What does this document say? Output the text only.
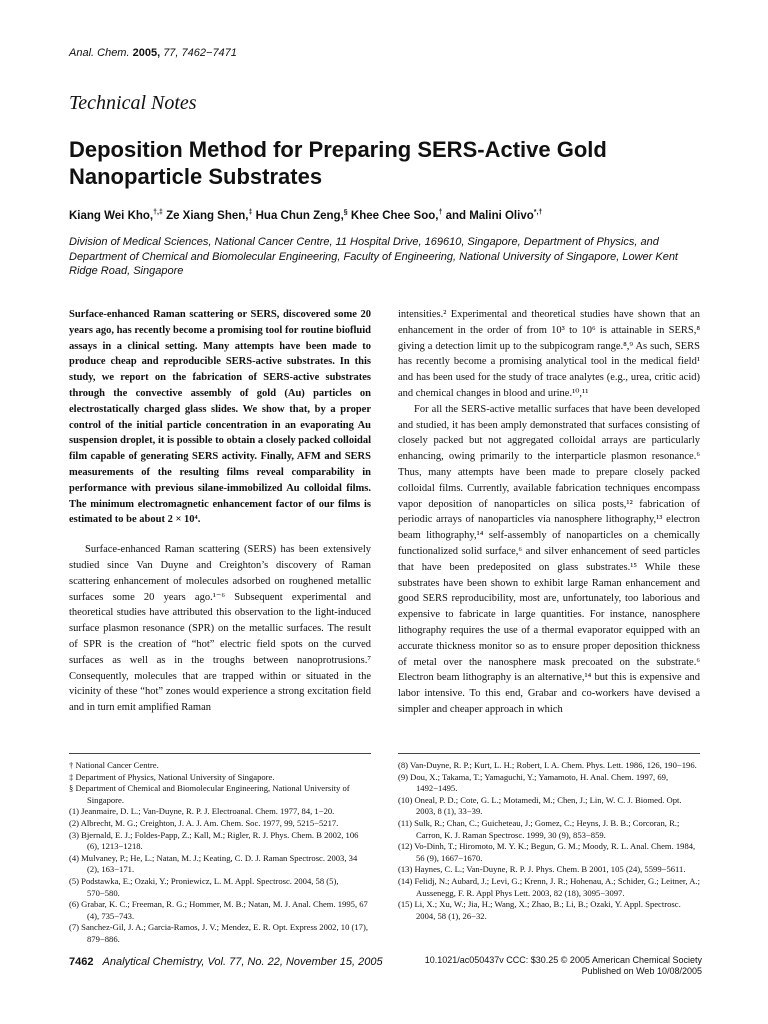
Anal. Chem. 2005, 77, 7462−7471
Technical Notes
Deposition Method for Preparing SERS-Active Gold Nanoparticle Substrates
Kiang Wei Kho,†,‡ Ze Xiang Shen,‡ Hua Chun Zeng,§ Khee Chee Soo,† and Malini Olivo*,†
Division of Medical Sciences, National Cancer Centre, 11 Hospital Drive, 169610, Singapore, Department of Physics, and Department of Chemical and Biomolecular Engineering, Faculty of Engineering, National University of Singapore, Lower Kent Ridge Road, Singapore

Surface-enhanced Raman scattering or SERS, discovered some 20 years ago, has recently become a promising tool for routine biofluid assays in a clinical setting. Many attempts have been made to produce cheap and reproducible SERS-active substrates. In this study, we report on the fabrication of SERS-active substrates through the convective assembly of gold (Au) particles on electrostatically charged glass slides. We show that, by a proper control of the initial particle concentration in an evaporating Au suspension droplet, it is possible to obtain a closely packed colloidal film capable of generating SERS activity. Finally, AFM and SERS measurements of the resulting films reveal comparability in performance with previous silane-immobilized Au colloidal films. The minimum electromagnetic enhancement factor of our films is estimated to be about 2 × 10⁴.

Surface-enhanced Raman scattering (SERS) has been extensively studied since Van Duyne and Creighton’s discovery of Raman scattering enhancement of molecules adsorbed on roughened metallic surfaces some 20 years ago.¹⁻⁶ Subsequent experimental and theoretical studies have attributed this observation to the light-induced surface plasmon resonance (SPR) on the metallic surfaces. The result of SPR is the creation of “hot” electric field spots on the curved surfaces as well as in the troughs between nanoprotrusions.⁷ Consequently, molecules that are trapped within or situated in the vicinity of these “hot” zones would experience a strong excitation field and in turn emit amplified Raman

intensities.² Experimental and theoretical studies have shown that an enhancement in the order of from 10³ to 10⁶ is attainable in SERS,⁸ giving a detection limit up to the subpicogram range.⁸,⁹ As such, SERS has recently become a promising analytical tool in the medical field¹ and has been used for the study of trace analytes (e.g., urea, critic acid) and chemical changes in blood and urine.¹⁰,¹¹

For all the SERS-active metallic surfaces that have been developed and studied, it has been amply demonstrated that surfaces consisting of closely packed but not aggregated colloidal arrays are particularly enhancing, owing primarily to the interparticle plasmon resonance.⁶ Thus, many attempts have been made to prepare closely packed colloidal films. Currently, available fabrication techniques encompass vapor deposition of nanoparticles on silica posts,¹² fabrication of periodic arrays of nanoparticles via nanosphere lithography,¹³ electron beam lithography,¹⁴ self-assembly of nanoparticles on a chemically functionalized solid surface,⁶ and silver enhancement of seed particles that have been predeposited on glass substrates.¹⁵ While these substrates have been shown to exhibit large Raman enhancement and good SERS reproducibility, most are, unfortunately, too laborious and expensive to fabricate in large quantities. For instance, nanosphere lithography requires the use of a thermal evaporator equipped with an accurate thickness monitor so as to ensure proper deposition thickness of metal over the nanosphere mask precoated on the substrate.⁶ Electron beam lithography is an alternative,¹⁴ but this is expensive and labor intensive. To this end, Grabar and co-workers have devised a simpler and cheaper approach in which

† National Cancer Centre.

‡ Department of Physics, National University of Singapore.

§ Department of Chemical and Biomolecular Engineering, National University of Singapore.

(1) Jeanmaire, D. L.; Van-Duyne, R. P. J. Electroanal. Chem. 1977, 84, 1−20.

(2) Albrecht, M. G.; Creighton, J. A. J. Am. Chem. Soc. 1977, 99, 5215−5217.

(3) Bjernald, E. J.; Foldes-Papp, Z.; Kall, M.; Rigler, R. J. Phys. Chem. B 2002, 106 (6), 1213−1218.

(4) Mulvaney, P.; He, L.; Natan, M. J.; Keating, C. D. J. Raman Spectrosc. 2003, 34 (2), 163−171.

(5) Podstawka, E.; Ozaki, Y.; Proniewicz, L. M. Appl. Spectrosc. 2004, 58 (5), 570−580.

(6) Grabar, K. C.; Freeman, R. G.; Hommer, M. B.; Natan, M. J. Anal. Chem. 1995, 67 (4), 735−743.

(7) Sanchez-Gil, J. A.; Garcia-Ramos, J. V.; Mendez, E. R. Opt. Express 2002, 10 (17), 879−886.

(8) Van-Duyne, R. P.; Kurt, L. H.; Robert, I. A. Chem. Phys. Lett. 1986, 126, 190−196.

(9) Dou, X.; Takama, T.; Yamaguchi, Y.; Yamamoto, H. Anal. Chem. 1997, 69, 1492−1495.

(10) Oneal, P. D.; Cote, G. L.; Motamedi, M.; Chen, J.; Lin, W. C. J. Biomed. Opt. 2003, 8 (1), 33−39.

(11) Sulk, R.; Chan, C.; Guicheteau, J.; Gomez, C.; Heyns, J. B. B.; Corcoran, R.; Carron, K. J. Raman Spectrosc. 1999, 30 (9), 853−859.

(12) Vo-Dinh, T.; Hiromoto, M. Y. K.; Begun, G. M.; Moody, R. L. Anal. Chem. 1984, 56 (9), 1667−1670.

(13) Haynes, C. L.; Van-Duyne, R. P. J. Phys. Chem. B 2001, 105 (24), 5599−5611.

(14) Felidj, N.; Aubard, J.; Levi, G.; Krenn, J. R.; Hohenau, A.; Schider, G.; Leitner, A.; Aussenegg, F. R. Appl Phys Lett. 2003, 82 (18), 3095−3097.

(15) Li, X.; Xu, W.; Jia, H.; Wang, X.; Zhao, B.; Li, B.; Ozaki, Y. Appl. Spectrosc. 2004, 58 (1), 26−32.

7462 Analytical Chemistry, Vol. 77, No. 22, November 15, 2005	10.1021/ac050437v CCC: $30.25 © 2005 American Chemical Society
Published on Web 10/08/2005
